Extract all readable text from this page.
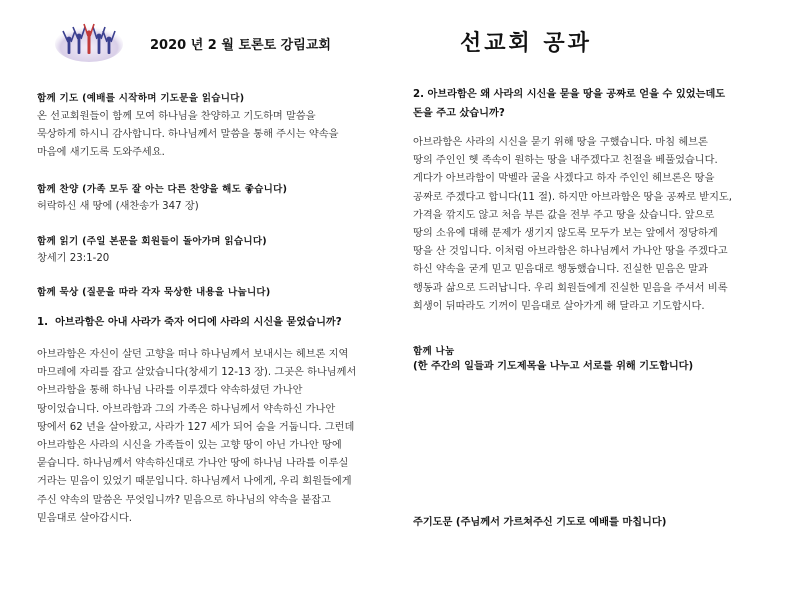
2020 년 2 월 토론토 강림교회	선교회 공과
함께 기도 (예배를 시작하며 기도문을 읽습니다)

온 선교회원들이 함께 모여 하나님을 찬양하고 기도하며 말씀을

묵상하게 하시니 감사합니다. 하나님께서 말씀을 통해 주시는 약속을

마음에 새기도록 도와주세요.

함께 찬양 (가족 모두 잘 아는 다른 찬양을 해도 좋습니다)
허락하신 새 땅에 (새찬송가 347 장)
함께 읽기 (주일 본문을 회원들이 돌아가며 읽습니다)
창세기 23:1-20
함께 묵상 (질문을 따라 각자 묵상한 내용을 나눕니다)
1. 아브라함은 아내 사라가 죽자 어디에 사라의 시신을 묻었습니까?

아브라함은 자신이 살던 고향을 떠나 하나님께서 보내시는 헤브론 지역

마므레에 자리를 잡고 살았습니다(창세기 12-13 장). 그곳은 하나님께서

아브라함을 통해 하나님 나라를 이루겠다 약속하셨던 가나안

땅이었습니다. 아브라함과 그의 가족은 하나님께서 약속하신 가나안

땅에서 62 년을 살아왔고, 사라가 127 세가 되어 숨을 거둡니다. 그런데

아브라함은 사라의 시신을 가족들이 있는 고향 땅이 아닌 가나안 땅에

묻습니다. 하나님께서 약속하신대로 가나안 땅에 하나님 나라를 이루실

거라는 믿음이 있었기 때문입니다. 하나님께서 나에게, 우리 회원들에게

주신 약속의 말씀은 무엇입니까? 믿음으로 하나님의 약속을 붙잡고

믿음대로 살아갑시다.

2. 아브라함은 왜 사라의 시신을 묻을 땅을 공짜로 얻을 수 있었는데도

돈을 주고 샀습니까?

아브라함은 사라의 시신을 묻기 위해 땅을 구했습니다. 마침 헤브론

땅의 주인인 헷 족속이 원하는 땅을 내주겠다고 친절을 베풀었습니다.

게다가 아브라함이 막벨라 굴을 사겠다고 하자 주인인 헤브론은 땅을

공짜로 주겠다고 합니다(11 절). 하지만 아브라함은 땅을 공짜로 받지도,

가격을 깎지도 않고 처음 부른 값을 전부 주고 땅을 샀습니다. 앞으로

땅의 소유에 대해 문제가 생기지 않도록 모두가 보는 앞에서 정당하게

땅을 산 것입니다. 이처럼 아브라함은 하나님께서 가나안 땅을 주겠다고

하신 약속을 굳게 믿고 믿음대로 행동했습니다. 진실한 믿음은 말과

행동과 삶으로 드러납니다. 우리 회원들에게 진실한 믿음을 주셔서 비록

희생이 뒤따라도 기꺼이 믿음대로 살아가게 해 달라고 기도합시다.

함께 나눔
(한 주간의 일들과 기도제목을 나누고 서로를 위해 기도합니다)
주기도문 (주님께서 가르쳐주신 기도로 예배를 마칩니다)
